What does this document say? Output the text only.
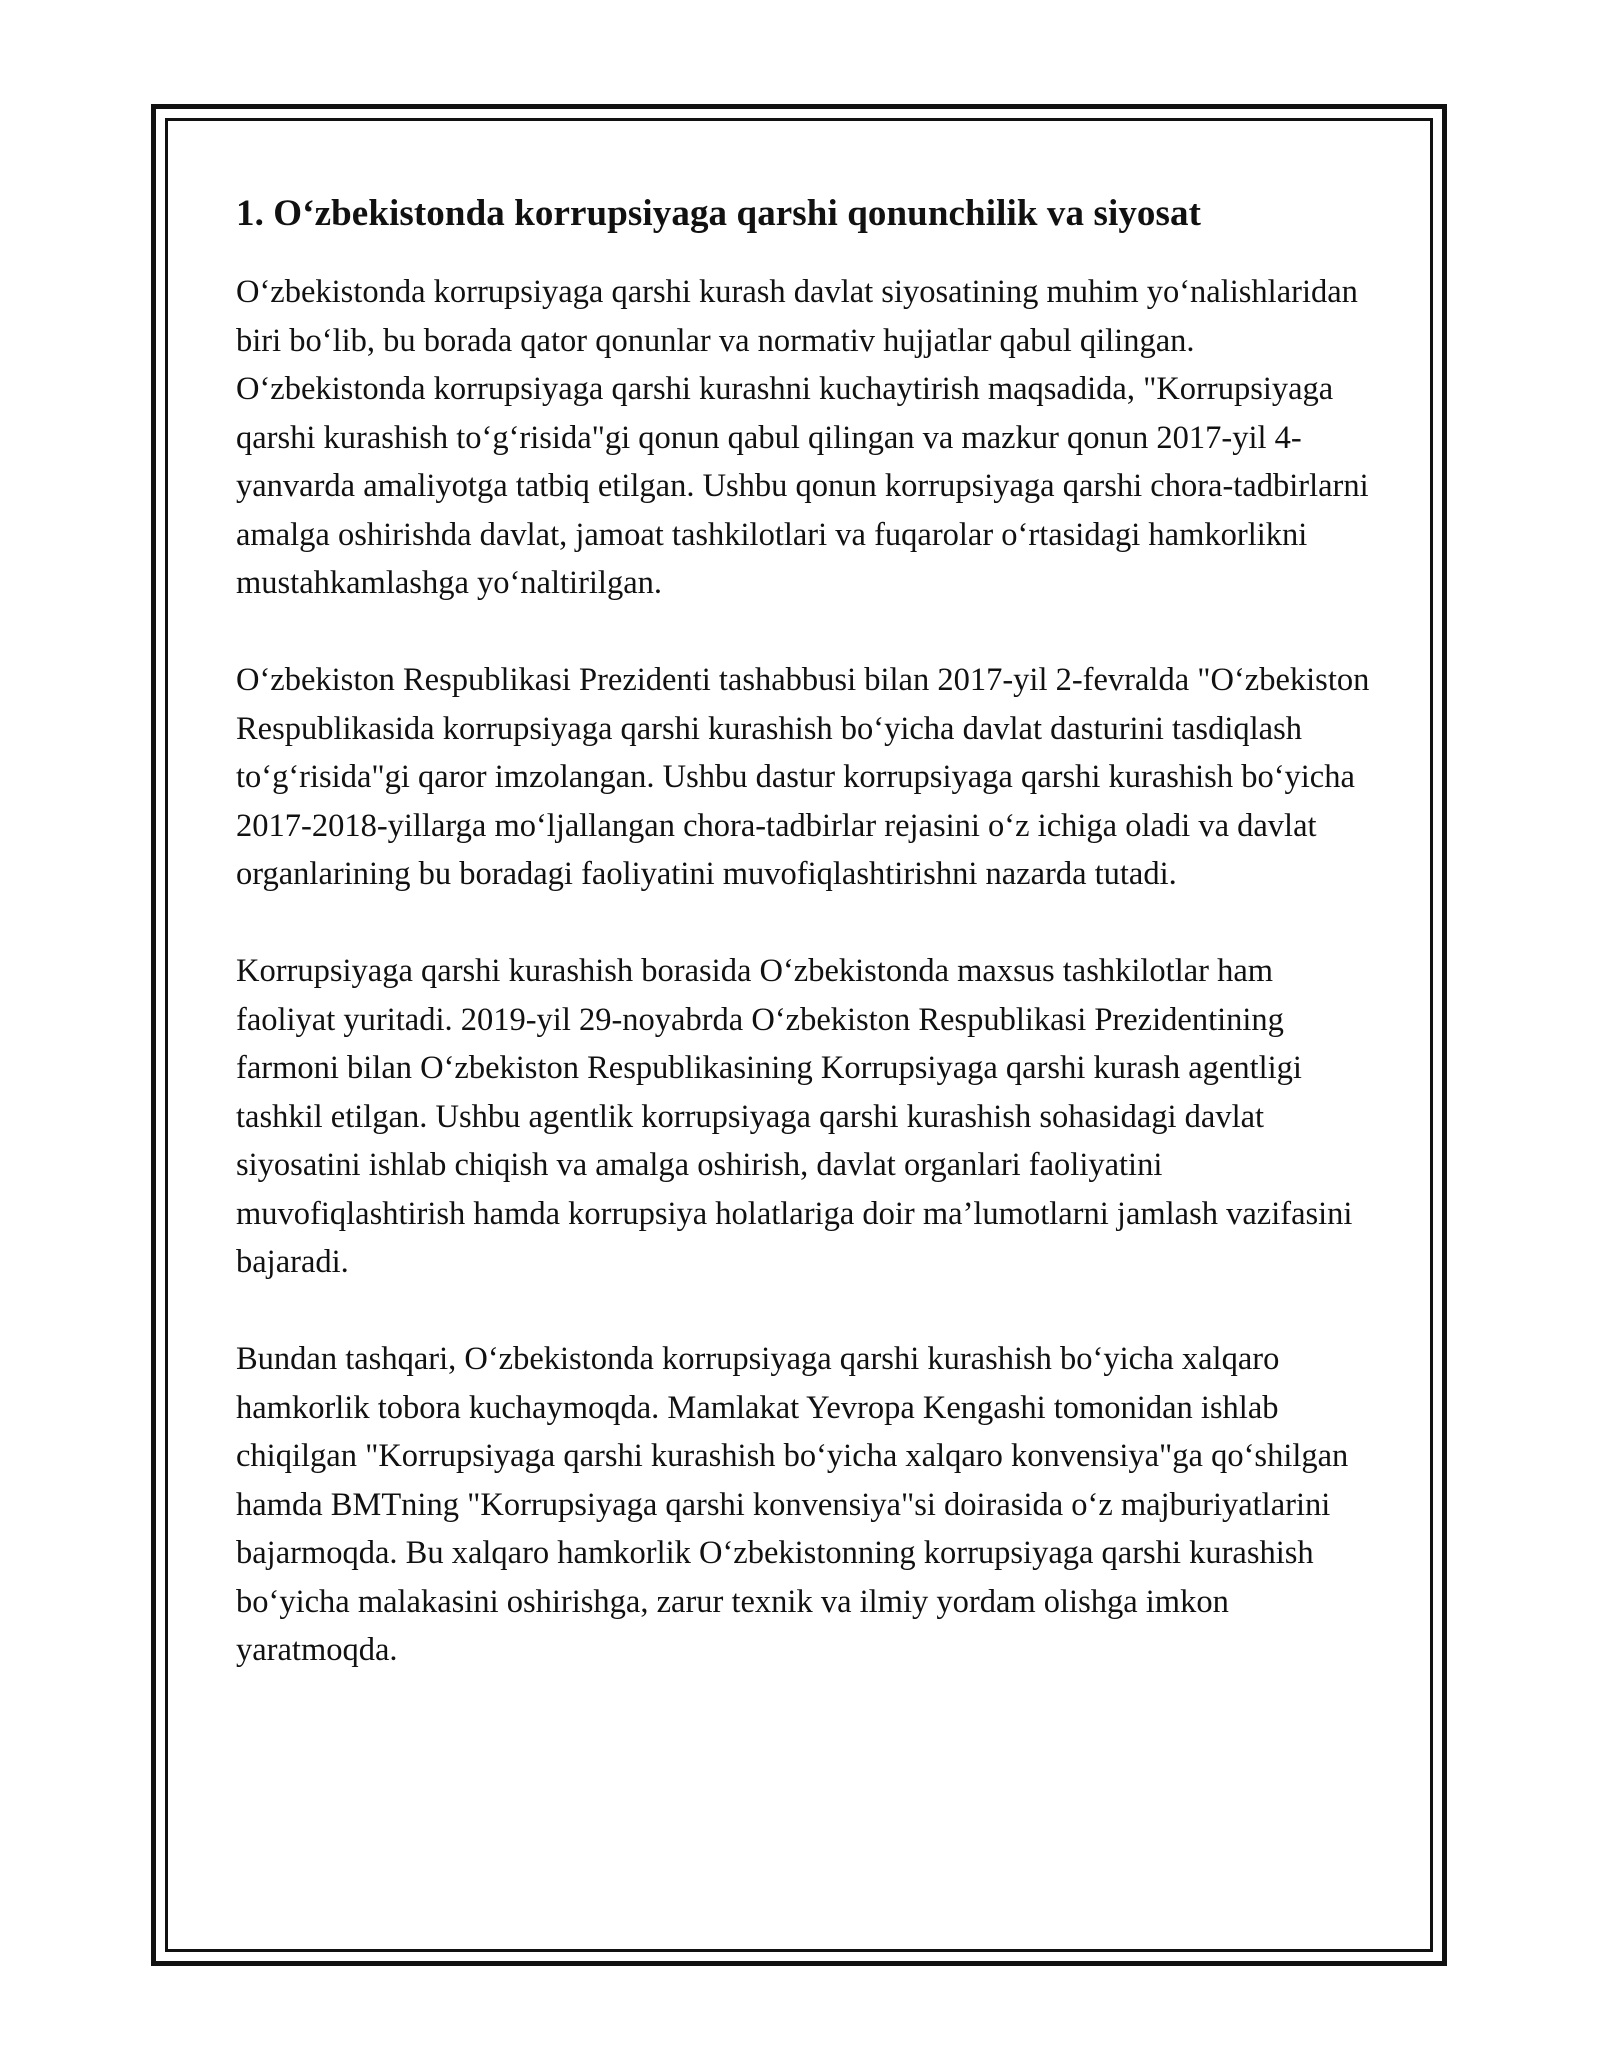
1. O‘zbekistonda korrupsiyaga qarshi qonunchilik va siyosat

O‘zbekistonda korrupsiyaga qarshi kurash davlat siyosatining muhim yo‘nalishlaridan biri bo‘lib, bu borada qator qonunlar va normativ hujjatlar qabul qilingan. O‘zbekistonda korrupsiyaga qarshi kurashni kuchaytirish maqsadida, "Korrupsiyaga qarshi kurashish to‘g‘risida"gi qonun qabul qilingan va mazkur qonun 2017-yil 4-yanvarda amaliyotga tatbiq etilgan. Ushbu qonun korrupsiyaga qarshi chora-tadbirlarni amalga oshirishda davlat, jamoat tashkilotlari va fuqarolar o‘rtasidagi hamkorlikni mustahkamlashga yo‘naltirilgan.

O‘zbekiston Respublikasi Prezidenti tashabbusi bilan 2017-yil 2-fevralda "O‘zbekiston Respublikasida korrupsiyaga qarshi kurashish bo‘yicha davlat dasturini tasdiqlash to‘g‘risida"gi qaror imzolangan. Ushbu dastur korrupsiyaga qarshi kurashish bo‘yicha 2017-2018-yillarga mo‘ljallangan chora-tadbirlar rejasini o‘z ichiga oladi va davlat organlarining bu boradagi faoliyatini muvofiqlashtirishni nazarda tutadi.

Korrupsiyaga qarshi kurashish borasida O‘zbekistonda maxsus tashkilotlar ham faoliyat yuritadi. 2019-yil 29-noyabrda O‘zbekiston Respublikasi Prezidentining farmoni bilan O‘zbekiston Respublikasining Korrupsiyaga qarshi kurash agentligi tashkil etilgan. Ushbu agentlik korrupsiyaga qarshi kurashish sohasidagi davlat siyosatini ishlab chiqish va amalga oshirish, davlat organlari faoliyatini muvofiqlashtirish hamda korrupsiya holatlariga doir ma’lumotlarni jamlash vazifasini bajaradi.

Bundan tashqari, O‘zbekistonda korrupsiyaga qarshi kurashish bo‘yicha xalqaro hamkorlik tobora kuchaymoqda. Mamlakat Yevropa Kengashi tomonidan ishlab chiqilgan "Korrupsiyaga qarshi kurashish bo‘yicha xalqaro konvensiya"ga qo‘shilgan hamda BMTning "Korrupsiyaga qarshi konvensiya"si doirasida o‘z majburiyatlarini bajarmoqda. Bu xalqaro hamkorlik O‘zbekistonning korrupsiyaga qarshi kurashish bo‘yicha malakasini oshirishga, zarur texnik va ilmiy yordam olishga imkon yaratmoqda.
